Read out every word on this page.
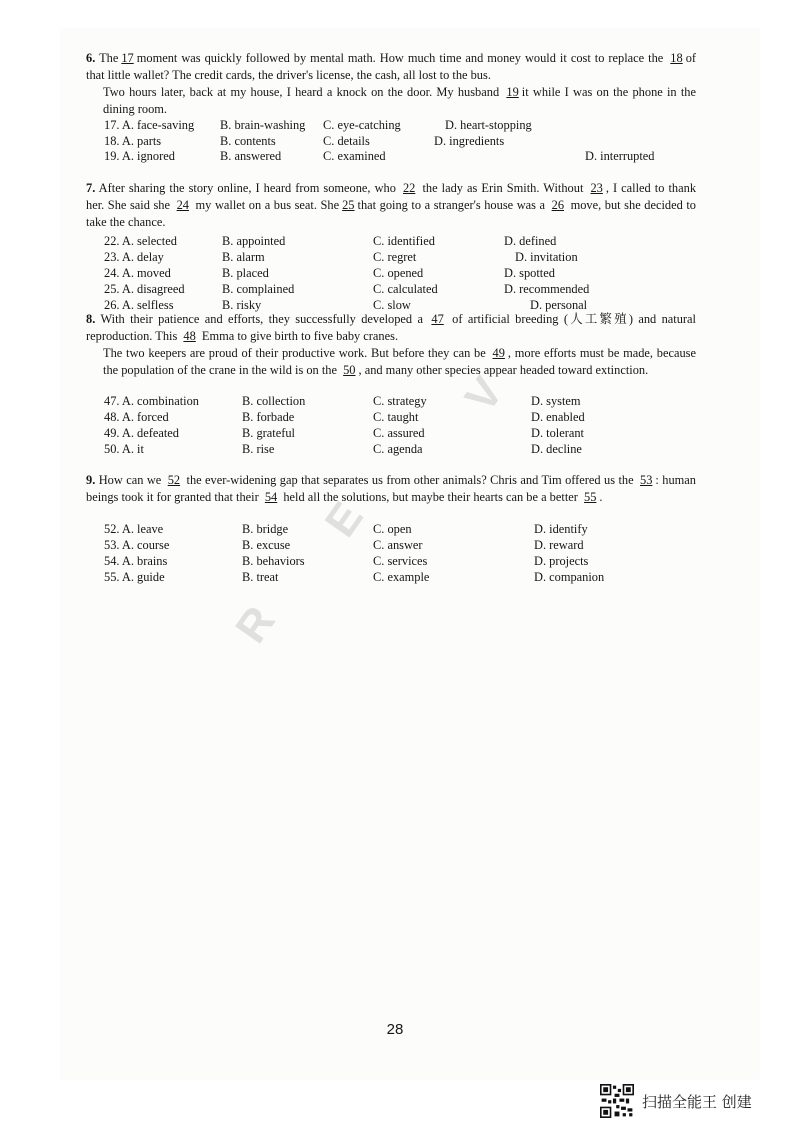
6. The 17 moment was quickly followed by mental math. How much time and money would it cost to replace the 18 of that little wallet? The credit cards, the driver's license, the cash, all lost to the bus.
Two hours later, back at my house, I heard a knock on the door. My husband 19 it while I was on the phone in the dining room.
17. A. face-saving B. brain-washing C. eye-catching	D. heart-stopping
18. A. parts	B. contents	C. details	D. ingredients
19. A. ignored	B. answered	C. examined	D. interrupted
7. After sharing the story online, I heard from someone, who 22 the lady as Erin Smith. Without 23 , I called to thank her. She said she 24 my wallet on a bus seat. She 25 that going to a stranger's house was a 26 move, but she decided to take the chance.
22. A. selected	B. appointed	C. identified	D. defined
23. A. delay	B. alarm	C. regret	D. invitation
24. A. moved	B. placed	C. opened	D. spotted
25. A. disagreed	B. complained	C. calculated	D. recommended
26. A. selfless	B. risky	C. slow	D. personal
8. With their patience and efforts, they successfully developed a 47 of artificial breeding (人工繁殖) and natural reproduction. This 48 Emma to give birth to five baby cranes.
The two keepers are proud of their productive work. But before they can be 49 , more efforts must be made, because the population of the crane in the wild is on the 50 , and many other species appear headed toward extinction.
47. A. combination	B. collection	C. strategy	D. system
48. A. forced	B. forbade	C. taught	D. enabled
49. A. defeated	B. grateful	C. assured	D. tolerant
50. A. it	B. rise	C. agenda	D. decline
9. How can we 52 the ever-widening gap that separates us from other animals? Chris and Tim offered us the 53 : human beings took it for granted that their 54 held all the solutions, but maybe their hearts can be a better 55 .
52. A. leave	B. bridge	C. open	D. identify
53. A. course	B. excuse	C. answer	D. reward
54. A. brains	B. behaviors	C. services	D. projects
55. A. guide	B. treat	C. example	D. companion
R
E
V
28
扫描全能王 创建
